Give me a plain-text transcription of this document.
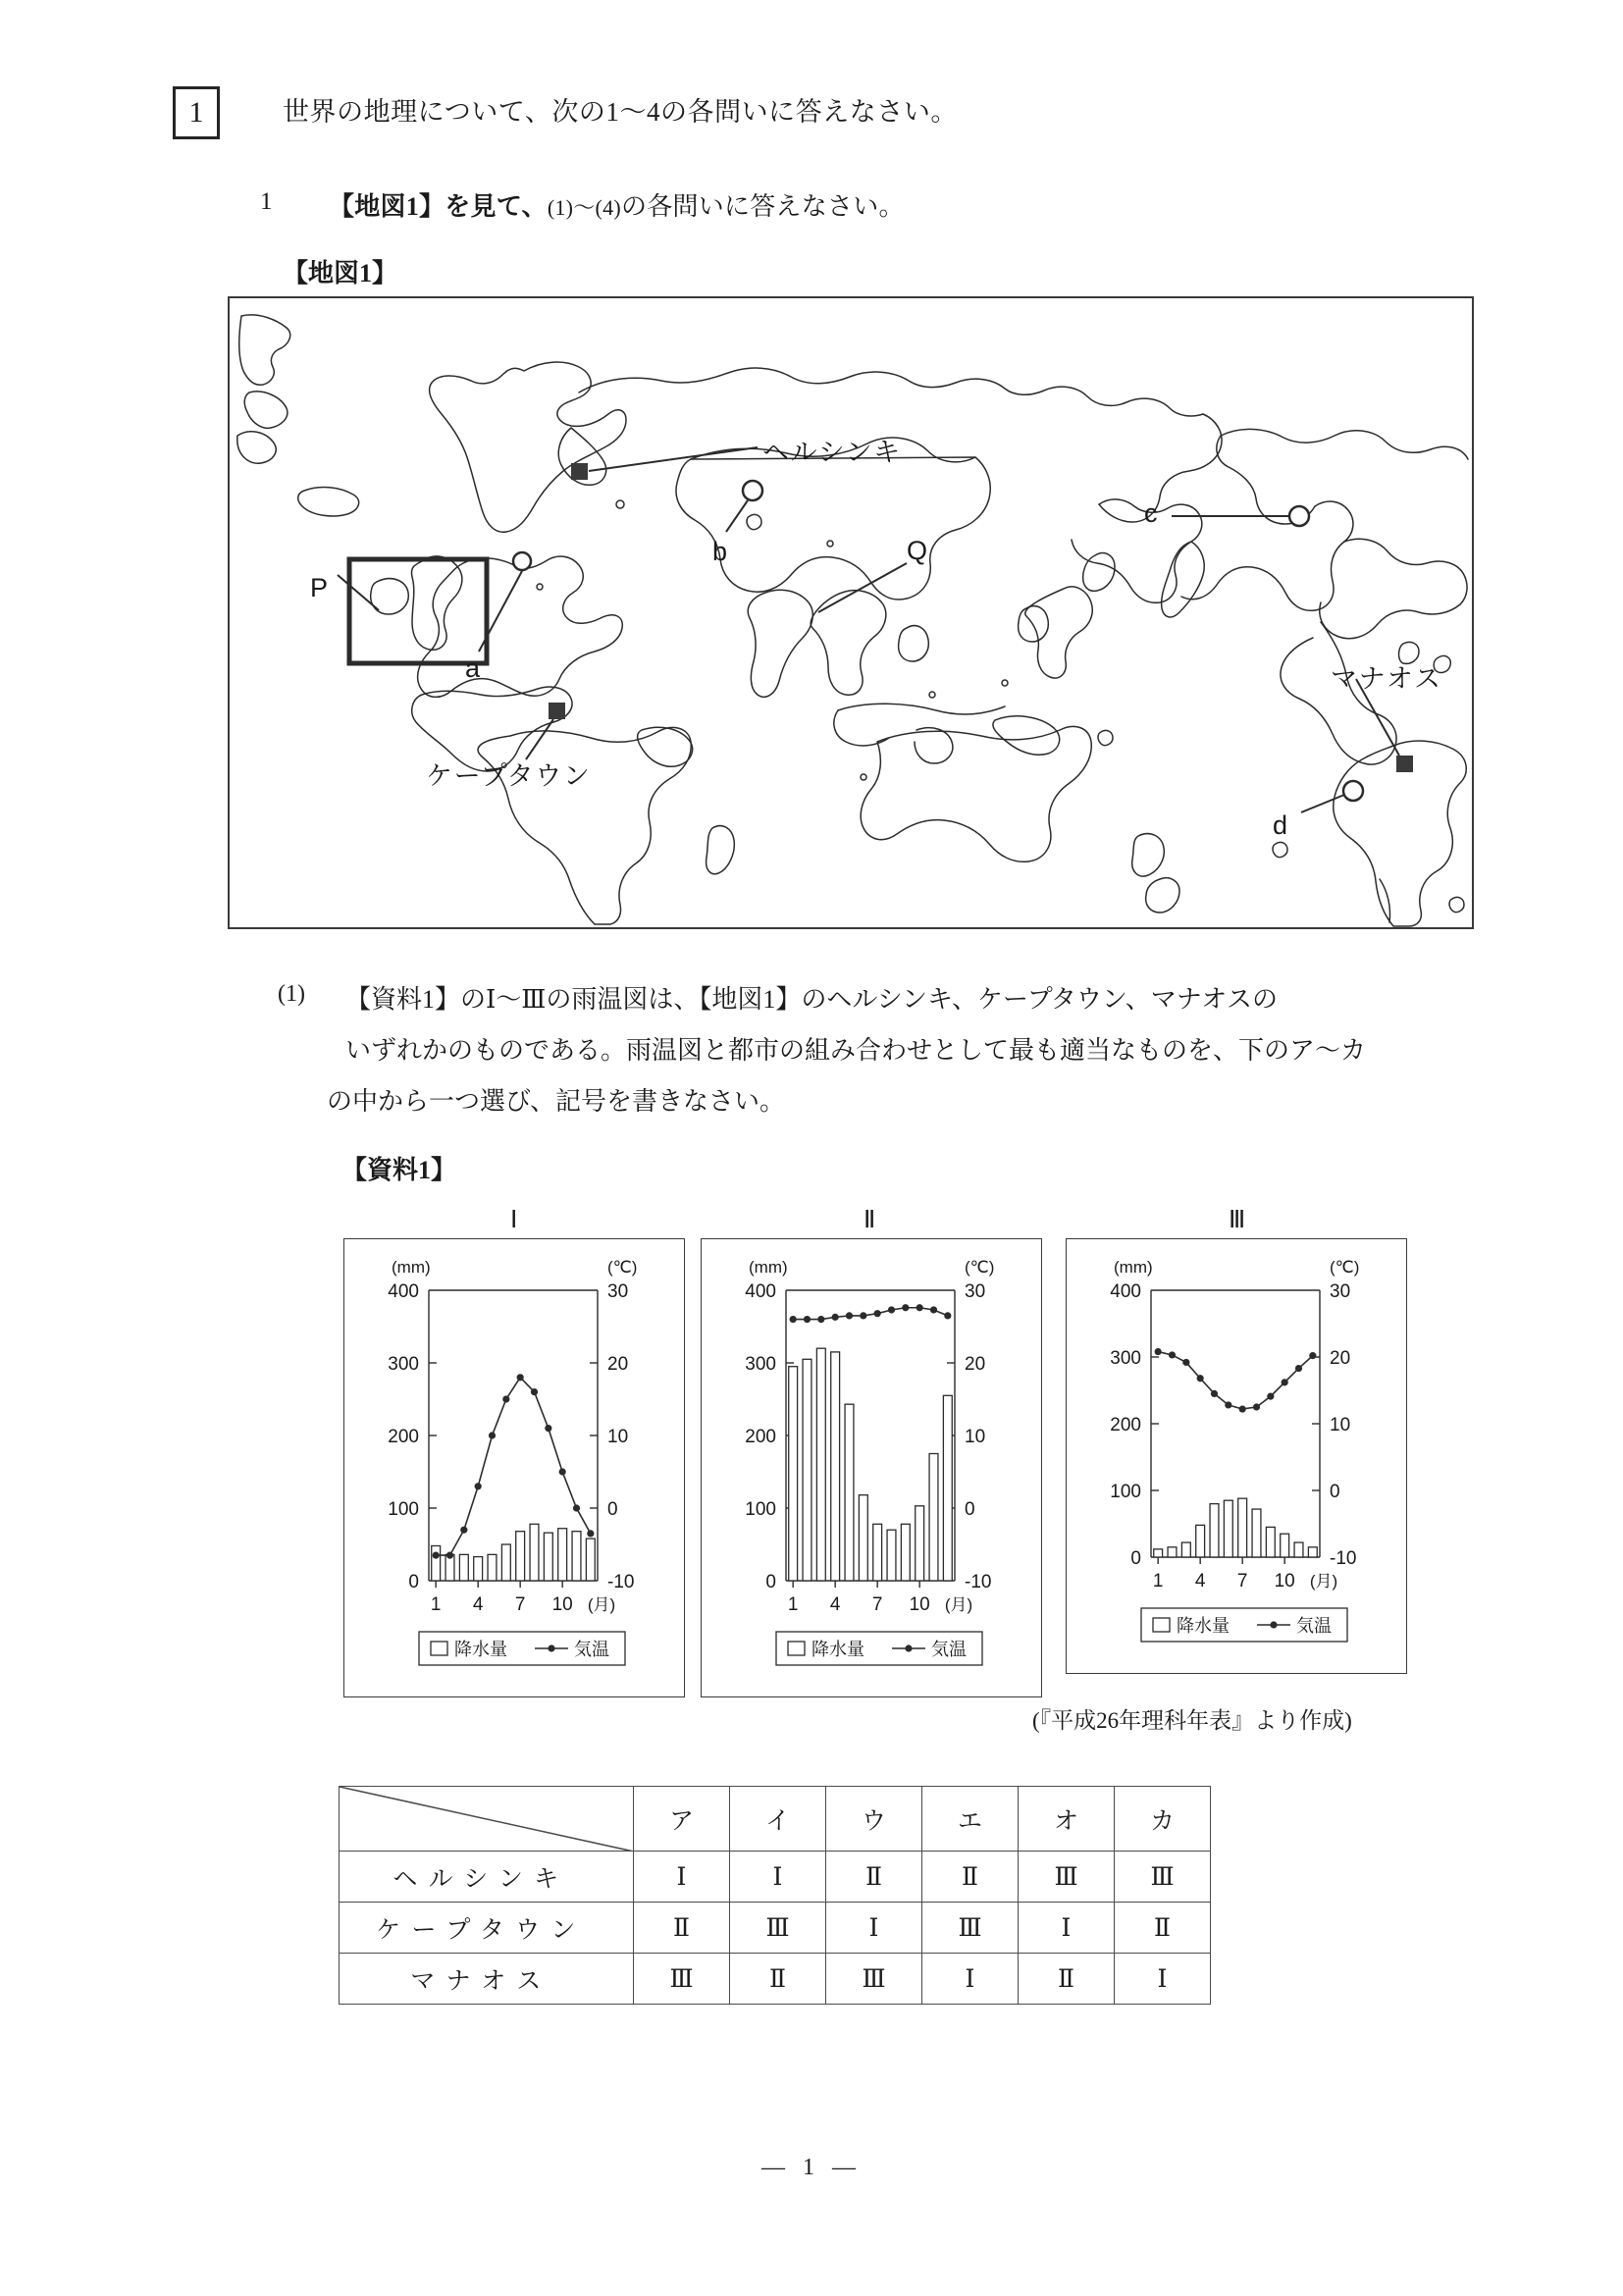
1	世界の地理について、次の1～4の各問いに答えなさい。
1 【地図1】を見て、(1)～(4)の各問いに答えなさい。
【地図1】
P
ヘルシンキ
b
c
マナオス
a
Q
d
ケープタウン
(1) 【資料1】のⅠ～Ⅲの雨温図は、【地図1】のヘルシンキ、ケープタウン、マナオスの
いずれかのものである。雨温図と都市の組み合わせとして最も適当なものを、下のア～カ
の中から一つ選び、記号を書きなさい。
【資料1】
Ⅰ	Ⅱ	Ⅲ
(mm)	(℃)
0
100
200
300
400
-10
0
10
20
30
1 4 7 10 (月)
降水量	気温
(mm)	(℃)
0
100
200
300
400
-10
0
10
20
30
1 4 7 10 (月)
降水量	気温
(mm)	(℃)
0
100
200
300
400
-10
0
10
20
30
1 4 7 10 (月)
降水量	気温
(『平成26年理科年表』より作成)
	ア	イ	ウ	エ	オ	カ
ヘルシンキ	Ⅰ	Ⅰ	Ⅱ	Ⅱ	Ⅲ	Ⅲ
ケープタウン	Ⅱ	Ⅲ	Ⅰ	Ⅲ	Ⅰ	Ⅱ
マナオス	Ⅲ	Ⅱ	Ⅲ	Ⅰ	Ⅱ	Ⅰ
— 1 —
